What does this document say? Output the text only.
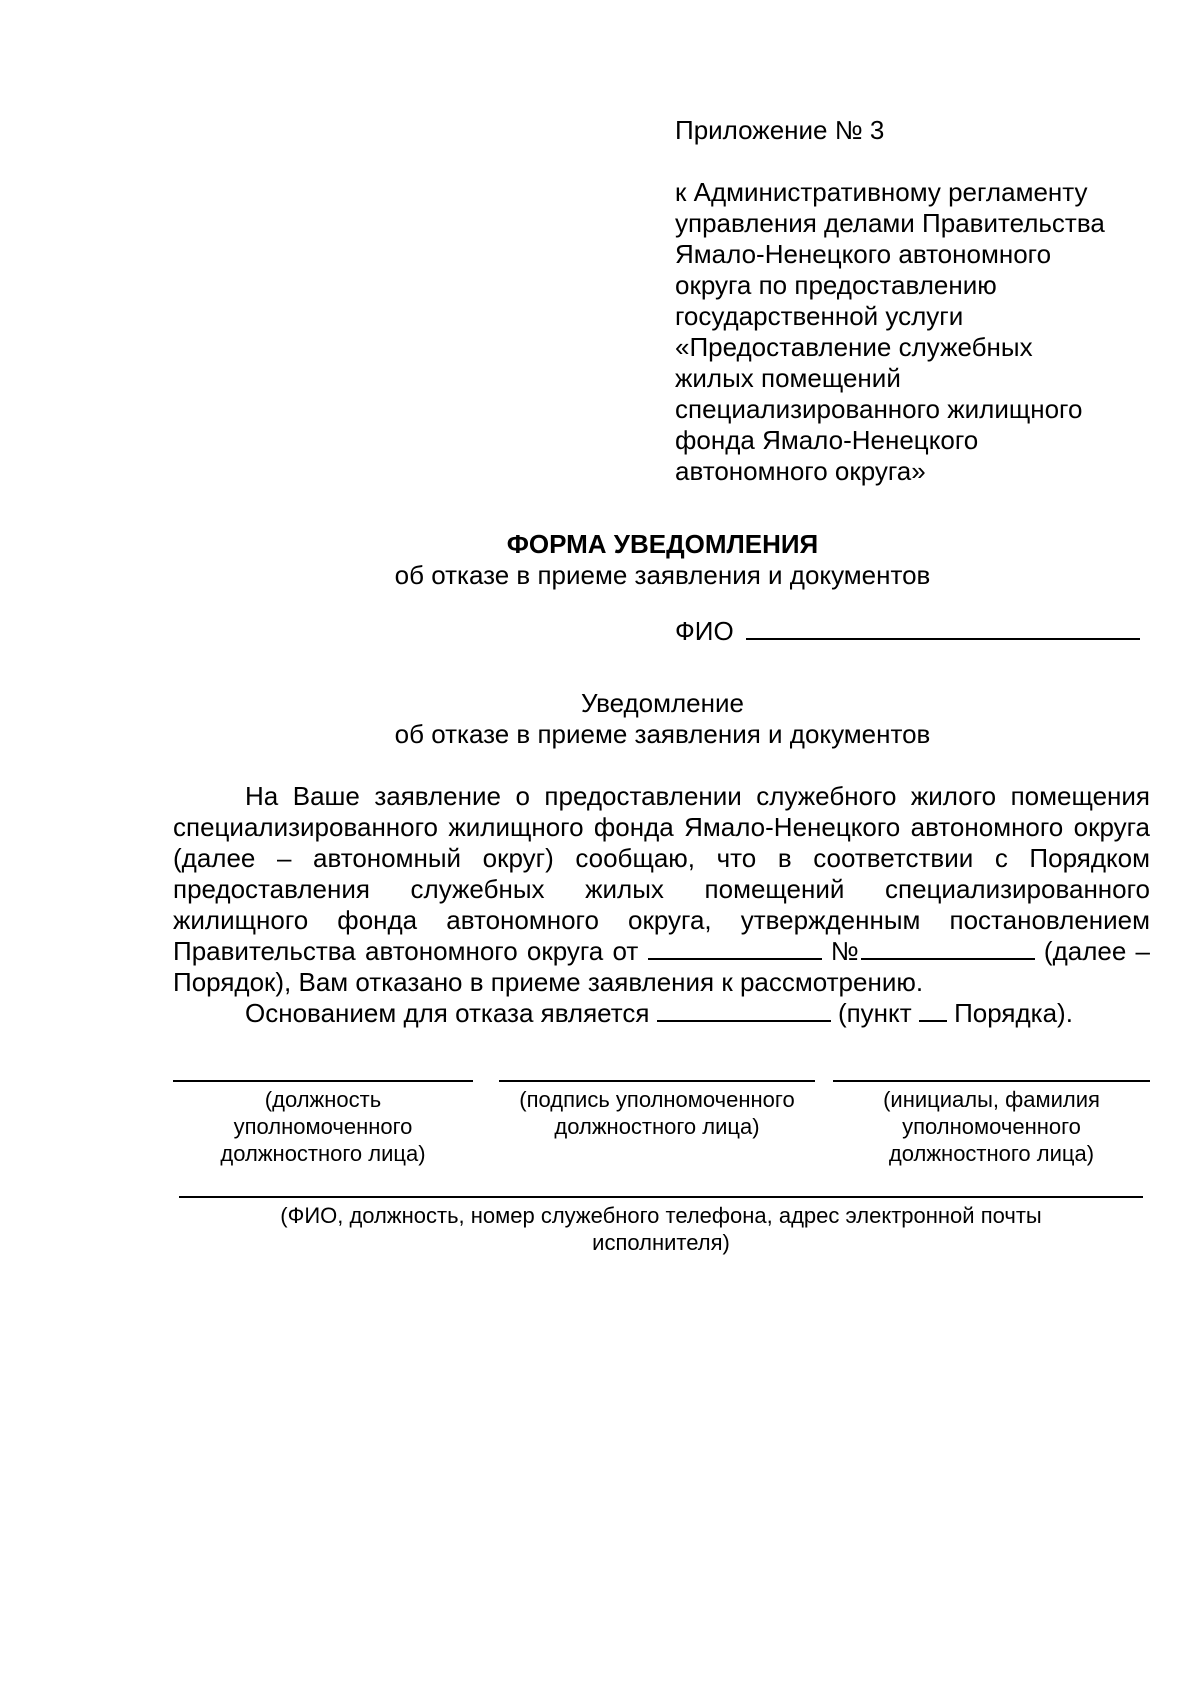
Приложение № 3

к Административному регламенту
управления делами Правительства
Ямало-Ненецкого автономного
округа по предоставлению
государственной услуги
«Предоставление служебных
жилых помещений
специализированного жилищного
фонда Ямало-Ненецкого
автономного округа»

ФОРМА УВЕДОМЛЕНИЯ
об отказе в приеме заявления и документов
ФИО
Уведомление
об отказе в приеме заявления и документов

На Ваше заявление о предоставлении служебного жилого помещения специализированного жилищного фонда Ямало-Ненецкого автономного округа (далее – автономный округ) сообщаю, что в соответствии с Порядком предоставления служебных жилых помещений специализированного жилищного фонда автономного округа, утвержденным постановлением Правительства автономного округа от	№	(далее – Порядок), Вам отказано в приеме заявления к рассмотрению.

Основанием для отказа является	(пункт Порядка).

(должность
уполномоченного
должностного лица)
(подпись уполномоченного
должностного лица)
(инициалы, фамилия
уполномоченного
должностного лица)
(ФИО, должность, номер служебного телефона, адрес электронной почты
исполнителя)
